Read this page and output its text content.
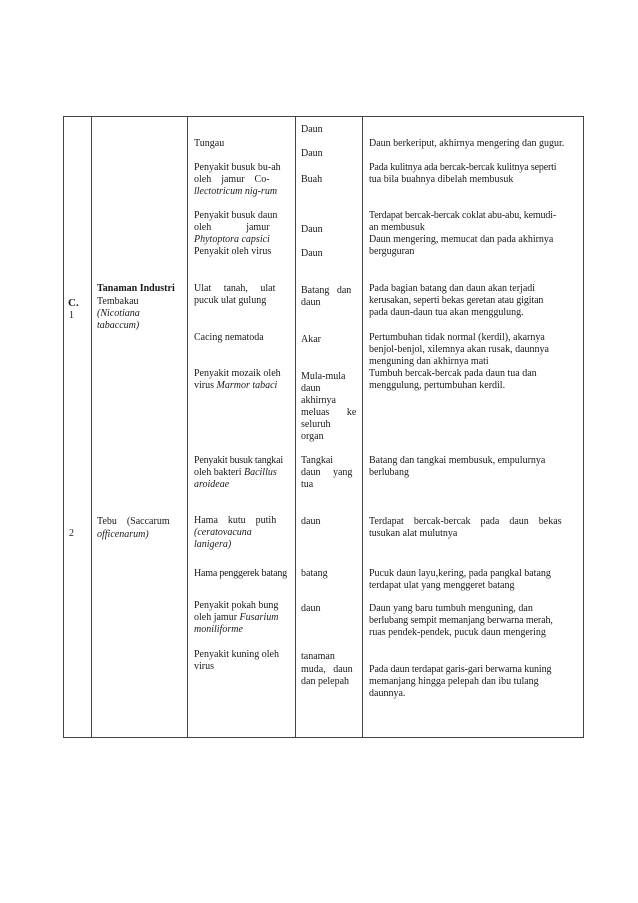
C.
1
2
Tanaman Industri
Tembakau
(Nicotiana
tabaccum)
Tebu    (Saccarum
officenarum)
Tungau
Penyakit busuk bu-ah
oleh    jamur    Co-
llectotricum nig-rum
Penyakit busuk daun
oleh              jamur
Phytoptora capsici
Penyakit oleh virus
Ulat     tanah,     ulat
pucuk ulat gulung
Cacing nematoda
Penyakit mozaik oleh
virus Marmor tabaci
Penyakit busuk tangkai
oleh bakteri Bacillus
aroideae
Hama    kutu    putih
(ceratovacuna
lanigera)
Hama penggerek batang
Penyakit pokah bung
oleh jamur Fusarium
moniliforme
Penyakit kuning oleh
virus
Daun
Daun
Buah
Daun
Daun
Batang   dan
daun
Akar
Mula-mula
daun
akhirnya
meluas       ke
seluruh
organ
Tangkai
daun     yang
tua
daun
batang
daun
tanaman
muda,   daun
dan pelepah
Daun berkeriput, akhirnya mengering dan gugur.
Pada kulitnya ada bercak-bercak kulitnya seperti
tua bila buahnya dibelah membusuk
Terdapat bercak-bercak coklat abu-abu, kemudi-
an membusuk
Daun mengering, memucat dan pada akhirnya
berguguran
Pada bagian batang dan daun akan terjadi
kerusakan, seperti bekas geretan atau gigitan
pada daun-daun tua akan menggulung.
Pertumbuhan tidak normal (kerdil), akarnya
benjol-benjol, xilemnya akan rusak, daunnya
menguning dan akhirnya mati
Tumbuh bercak-bercak pada daun tua dan
menggulung, pertumbuhan kerdil.
Batang dan tangkai membusuk, empulurnya
berlubang
Terdapat    bercak-bercak    pada    daun    bekas
tusukan alat mulutnya
Pucuk daun layu,kering, pada pangkal batang
terdapat ulat yang menggeret batang
Daun yang baru tumbuh menguning, dan
berlubang sempit memanjang berwarna merah,
ruas pendek-pendek, pucuk daun mengering
Pada daun terdapat garis-gari berwarna kuning
memanjang hingga pelepah dan ibu tulang
daunnya.
